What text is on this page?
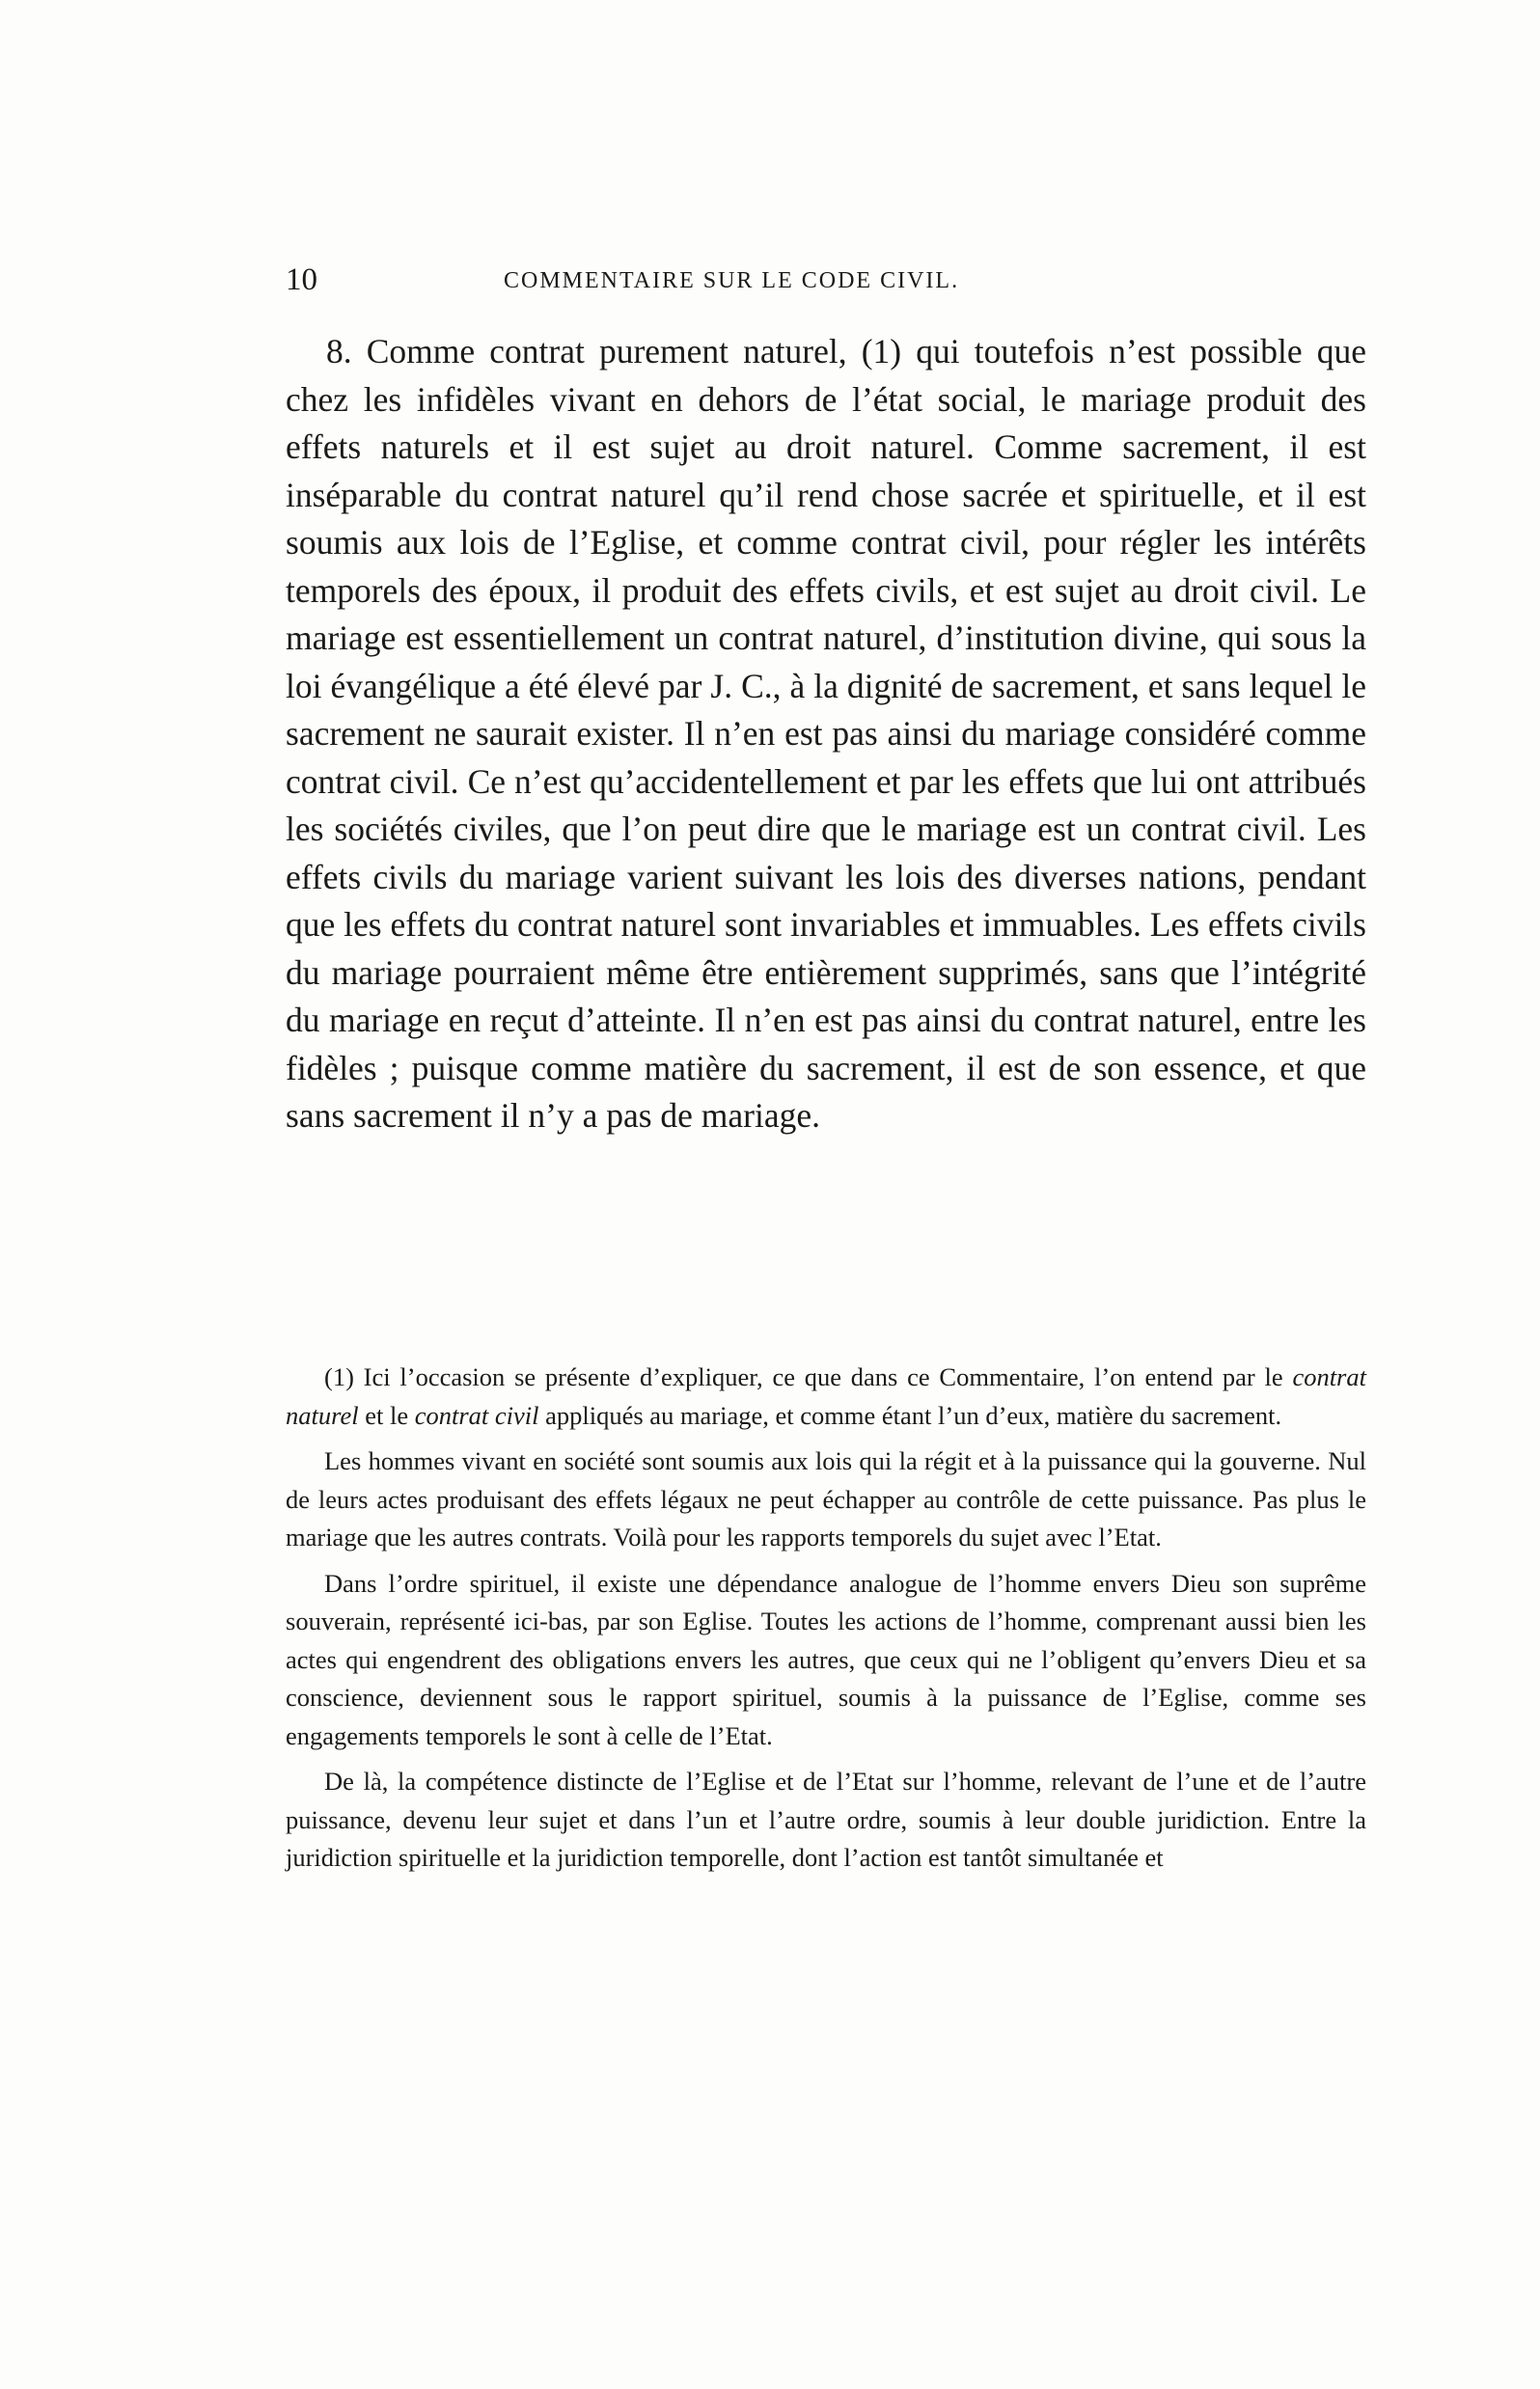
10	COMMENTAIRE SUR LE CODE CIVIL.

8. Comme contrat purement naturel, (1) qui toutefois n’est possible que chez les infidèles vivant en dehors de l’état social, le mariage produit des effets naturels et il est sujet au droit naturel. Comme sacrement, il est inséparable du contrat naturel qu’il rend chose sacrée et spirituelle, et il est soumis aux lois de l’Eglise, et comme contrat civil, pour régler les intérêts temporels des époux, il produit des effets civils, et est sujet au droit civil. Le mariage est essentiellement un contrat naturel, d’institution divine, qui sous la loi évangélique a été élevé par J. C., à la dignité de sacrement, et sans lequel le sacrement ne saurait exister. Il n’en est pas ainsi du mariage considéré comme contrat civil. Ce n’est qu’accidentellement et par les effets que lui ont attribués les sociétés civiles, que l’on peut dire que le mariage est un contrat civil. Les effets civils du mariage varient suivant les lois des diverses nations, pendant que les effets du contrat naturel sont invariables et immuables. Les effets civils du mariage pourraient même être entièrement supprimés, sans que l’intégrité du mariage en reçut d’atteinte. Il n’en est pas ainsi du contrat naturel, entre les fidèles ; puisque comme matière du sacrement, il est de son essence, et que sans sacrement il n’y a pas de mariage.

(1) Ici l’occasion se présente d’expliquer, ce que dans ce Commentaire, l’on entend par le contrat naturel et le contrat civil appliqués au mariage, et comme étant l’un d’eux, matière du sacrement.

Les hommes vivant en société sont soumis aux lois qui la régit et à la puissance qui la gouverne. Nul de leurs actes produisant des effets légaux ne peut échapper au contrôle de cette puissance. Pas plus le mariage que les autres contrats. Voilà pour les rapports temporels du sujet avec l’Etat.

Dans l’ordre spirituel, il existe une dépendance analogue de l’homme envers Dieu son suprême souverain, représenté ici-bas, par son Eglise. Toutes les actions de l’homme, comprenant aussi bien les actes qui engendrent des obligations envers les autres, que ceux qui ne l’obligent qu’envers Dieu et sa conscience, deviennent sous le rapport spirituel, soumis à la puissance de l’Eglise, comme ses engagements temporels le sont à celle de l’Etat.

De là, la compétence distincte de l’Eglise et de l’Etat sur l’homme, relevant de l’une et de l’autre puissance, devenu leur sujet et dans l’un et l’autre ordre, soumis à leur double juridiction. Entre la juridiction spirituelle et la juridiction temporelle, dont l’action est tantôt simultanée et
